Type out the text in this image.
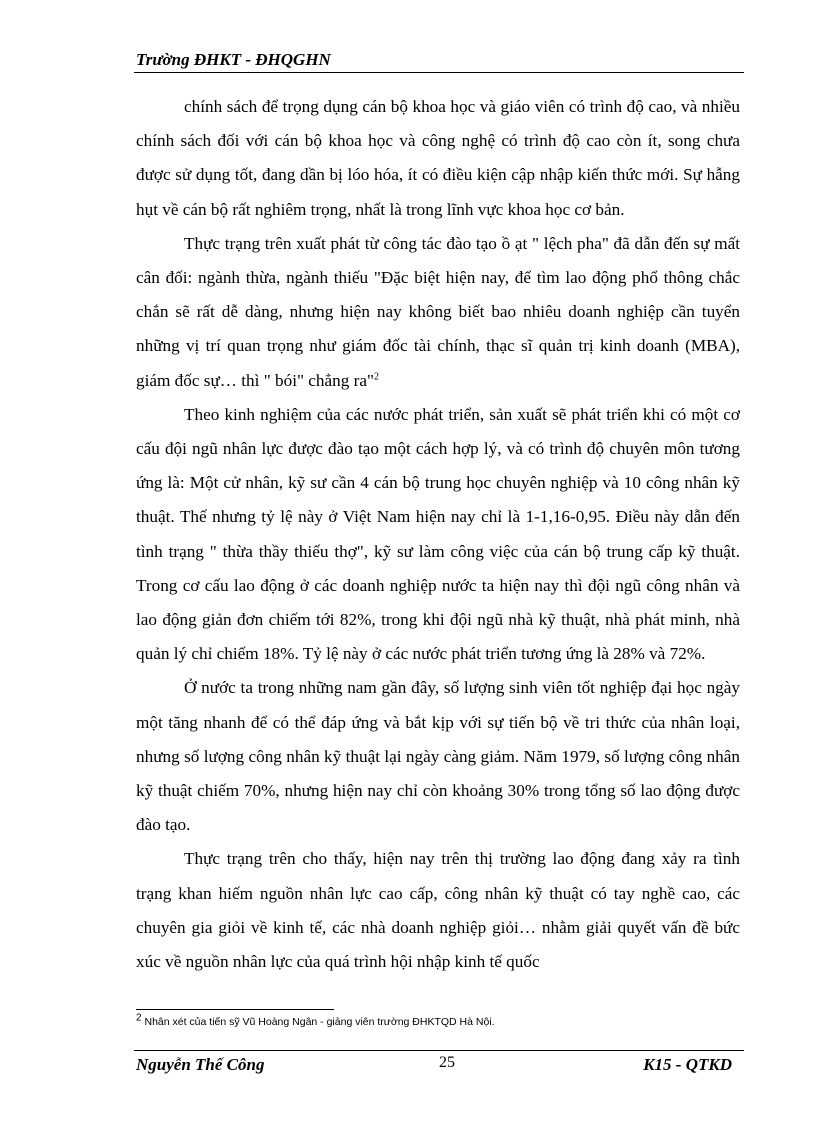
Trường ĐHKT - ĐHQGHN

chính sách để trọng dụng cán bộ khoa học và giáo viên có trình độ cao, và nhiều chính sách đối với cán bộ khoa học và công nghệ có trình độ cao còn ít, song chưa được sử dụng tốt, đang dần bị lóo hóa, ít có điều kiện cập nhập kiến thức mới. Sự hẫng hụt về cán bộ rất nghiêm trọng, nhất là trong lĩnh vực khoa học cơ bản.

Thực trạng trên xuất phát từ công tác đào tạo ồ ạt " lệch pha" đã dẫn đến sự mất cân đối: ngành thừa, ngành thiếu "Đặc biệt hiện nay, để tìm lao động phổ thông chắc chắn sẽ rất dễ dàng, nhưng hiện nay không biết bao nhiêu doanh nghiệp cần tuyển những vị trí quan trọng như giám đốc tài chính, thạc sĩ quản trị kinh doanh (MBA), giám đốc sự… thì " bói" chẳng ra"$^2$

Theo kinh nghiệm của các nước phát triển, sản xuất sẽ phát triển khi có một cơ cấu đội ngũ nhân lực được đào tạo một cách hợp lý, và có trình độ chuyên môn tương ứng là: Một cử nhân, kỹ sư cần 4 cán bộ trung học chuyên nghiệp và 10 công nhân kỹ thuật. Thế nhưng tỷ lệ này ở Việt Nam hiện nay chỉ là 1-1,16-0,95. Điều này dẫn đến tình trạng " thừa thầy thiếu thợ", kỹ sư làm công việc của cán bộ trung cấp kỹ thuật. Trong cơ cấu lao động ở các doanh nghiệp nước ta hiện nay thì đội ngũ công nhân và lao động giản đơn chiếm tới 82%, trong khi đội ngũ nhà kỹ thuật, nhà phát minh, nhà quản lý chỉ chiếm 18%. Tỷ lệ này ở các nước phát triển tương ứng là 28% và 72%.

Ở nước ta trong những nam gần đây, số lượng sinh viên tốt nghiệp đại học ngày một tăng nhanh để có thể đáp ứng và bắt kịp với sự tiến bộ về tri thức của nhân loại, nhưng số lượng công nhân kỹ thuật lại ngày càng giảm. Năm 1979, số lượng công nhân kỹ thuật chiếm 70%, nhưng hiện nay chỉ còn khoảng 30% trong tổng số lao động được đào tạo.

Thực trạng trên cho thấy, hiện nay trên thị trường lao động đang xảy ra tình trạng khan hiếm nguồn nhân lực cao cấp, công nhân kỹ thuật có tay nghề cao, các chuyên gia giỏi về kinh tế, các nhà doanh nghiệp giỏi… nhằm giải quyết vấn đề bức xúc về nguồn nhân lực của quá trình hội nhập kinh tế quốc

$^2$ Nhân xét của tiến sỹ Vũ Hoàng Ngân - giảng viên trường ĐHKTQD Hà Nội.
Nguyễn Thế Công	25	K15 - QTKD
